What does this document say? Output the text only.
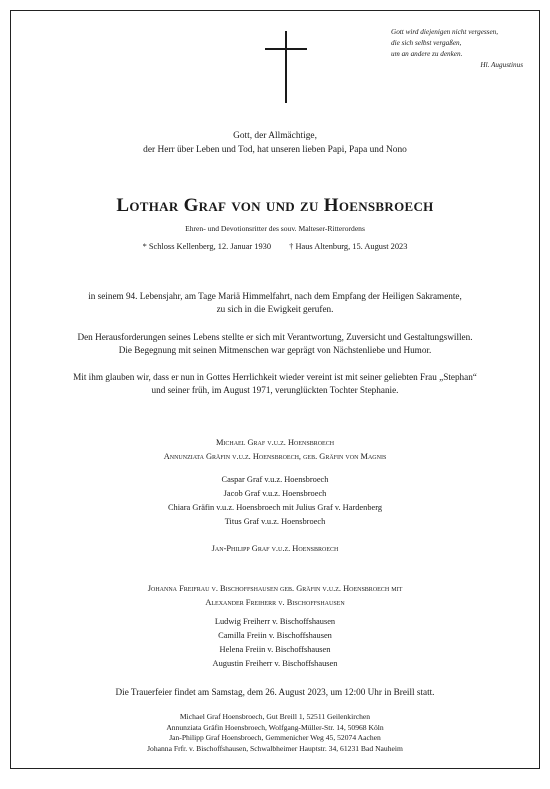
Gott wird diejenigen nicht vergessen,
die sich selbst vergaßen,
um an andere zu denken.
Hl. Augustinus
Gott, der Allmächtige,
der Herr über Leben und Tod, hat unseren lieben Papi, Papa und Nono
Lothar Graf von und zu Hoensbroech
Ehren- und Devotionsritter des souv. Malteser-Ritterordens
* Schloss Kellenberg, 12. Januar 1930 † Haus Altenburg, 15. August 2023
in seinem 94. Lebensjahr, am Tage Mariä Himmelfahrt, nach dem Empfang der Heiligen Sakramente,
zu sich in die Ewigkeit gerufen.
Den Herausforderungen seines Lebens stellte er sich mit Verantwortung, Zuversicht und Gestaltungswillen.
Die Begegnung mit seinen Mitmenschen war geprägt von Nächstenliebe und Humor.
Mit ihm glauben wir, dass er nun in Gottes Herrlichkeit wieder vereint ist mit seiner geliebten Frau „Stephan“
und seiner früh, im August 1971, verunglückten Tochter Stephanie.
Michael Graf v.u.z. Hoensbroech
Annunziata Gräfin v.u.z. Hoensbroech, geb. Gräfin von Magnis
Caspar Graf v.u.z. Hoensbroech
Jacob Graf v.u.z. Hoensbroech
Chiara Gräfin v.u.z. Hoensbroech mit Julius Graf v. Hardenberg
Titus Graf v.u.z. Hoensbroech
Jan-Philipp Graf v.u.z. Hoensbroech
Johanna Freifrau v. Bischoffshausen geb. Gräfin v.u.z. Hoensbroech mit
Alexander Freiherr v. Bischoffshausen
Ludwig Freiherr v. Bischoffshausen
Camilla Freiin v. Bischoffshausen
Helena Freiin v. Bischoffshausen
Augustin Freiherr v. Bischoffshausen
Die Trauerfeier findet am Samstag, dem 26. August 2023, um 12:00 Uhr in Breill statt.
Michael Graf Hoensbroech, Gut Breill 1, 52511 Geilenkirchen
Annunziata Gräfin Hoensbroech, Wolfgang-Müller-Str. 14, 50968 Köln
Jan-Philipp Graf Hoensbroech, Gemmenicher Weg 45, 52074 Aachen
Johanna Frfr. v. Bischoffshausen, Schwalbheimer Hauptstr. 34, 61231 Bad Nauheim
